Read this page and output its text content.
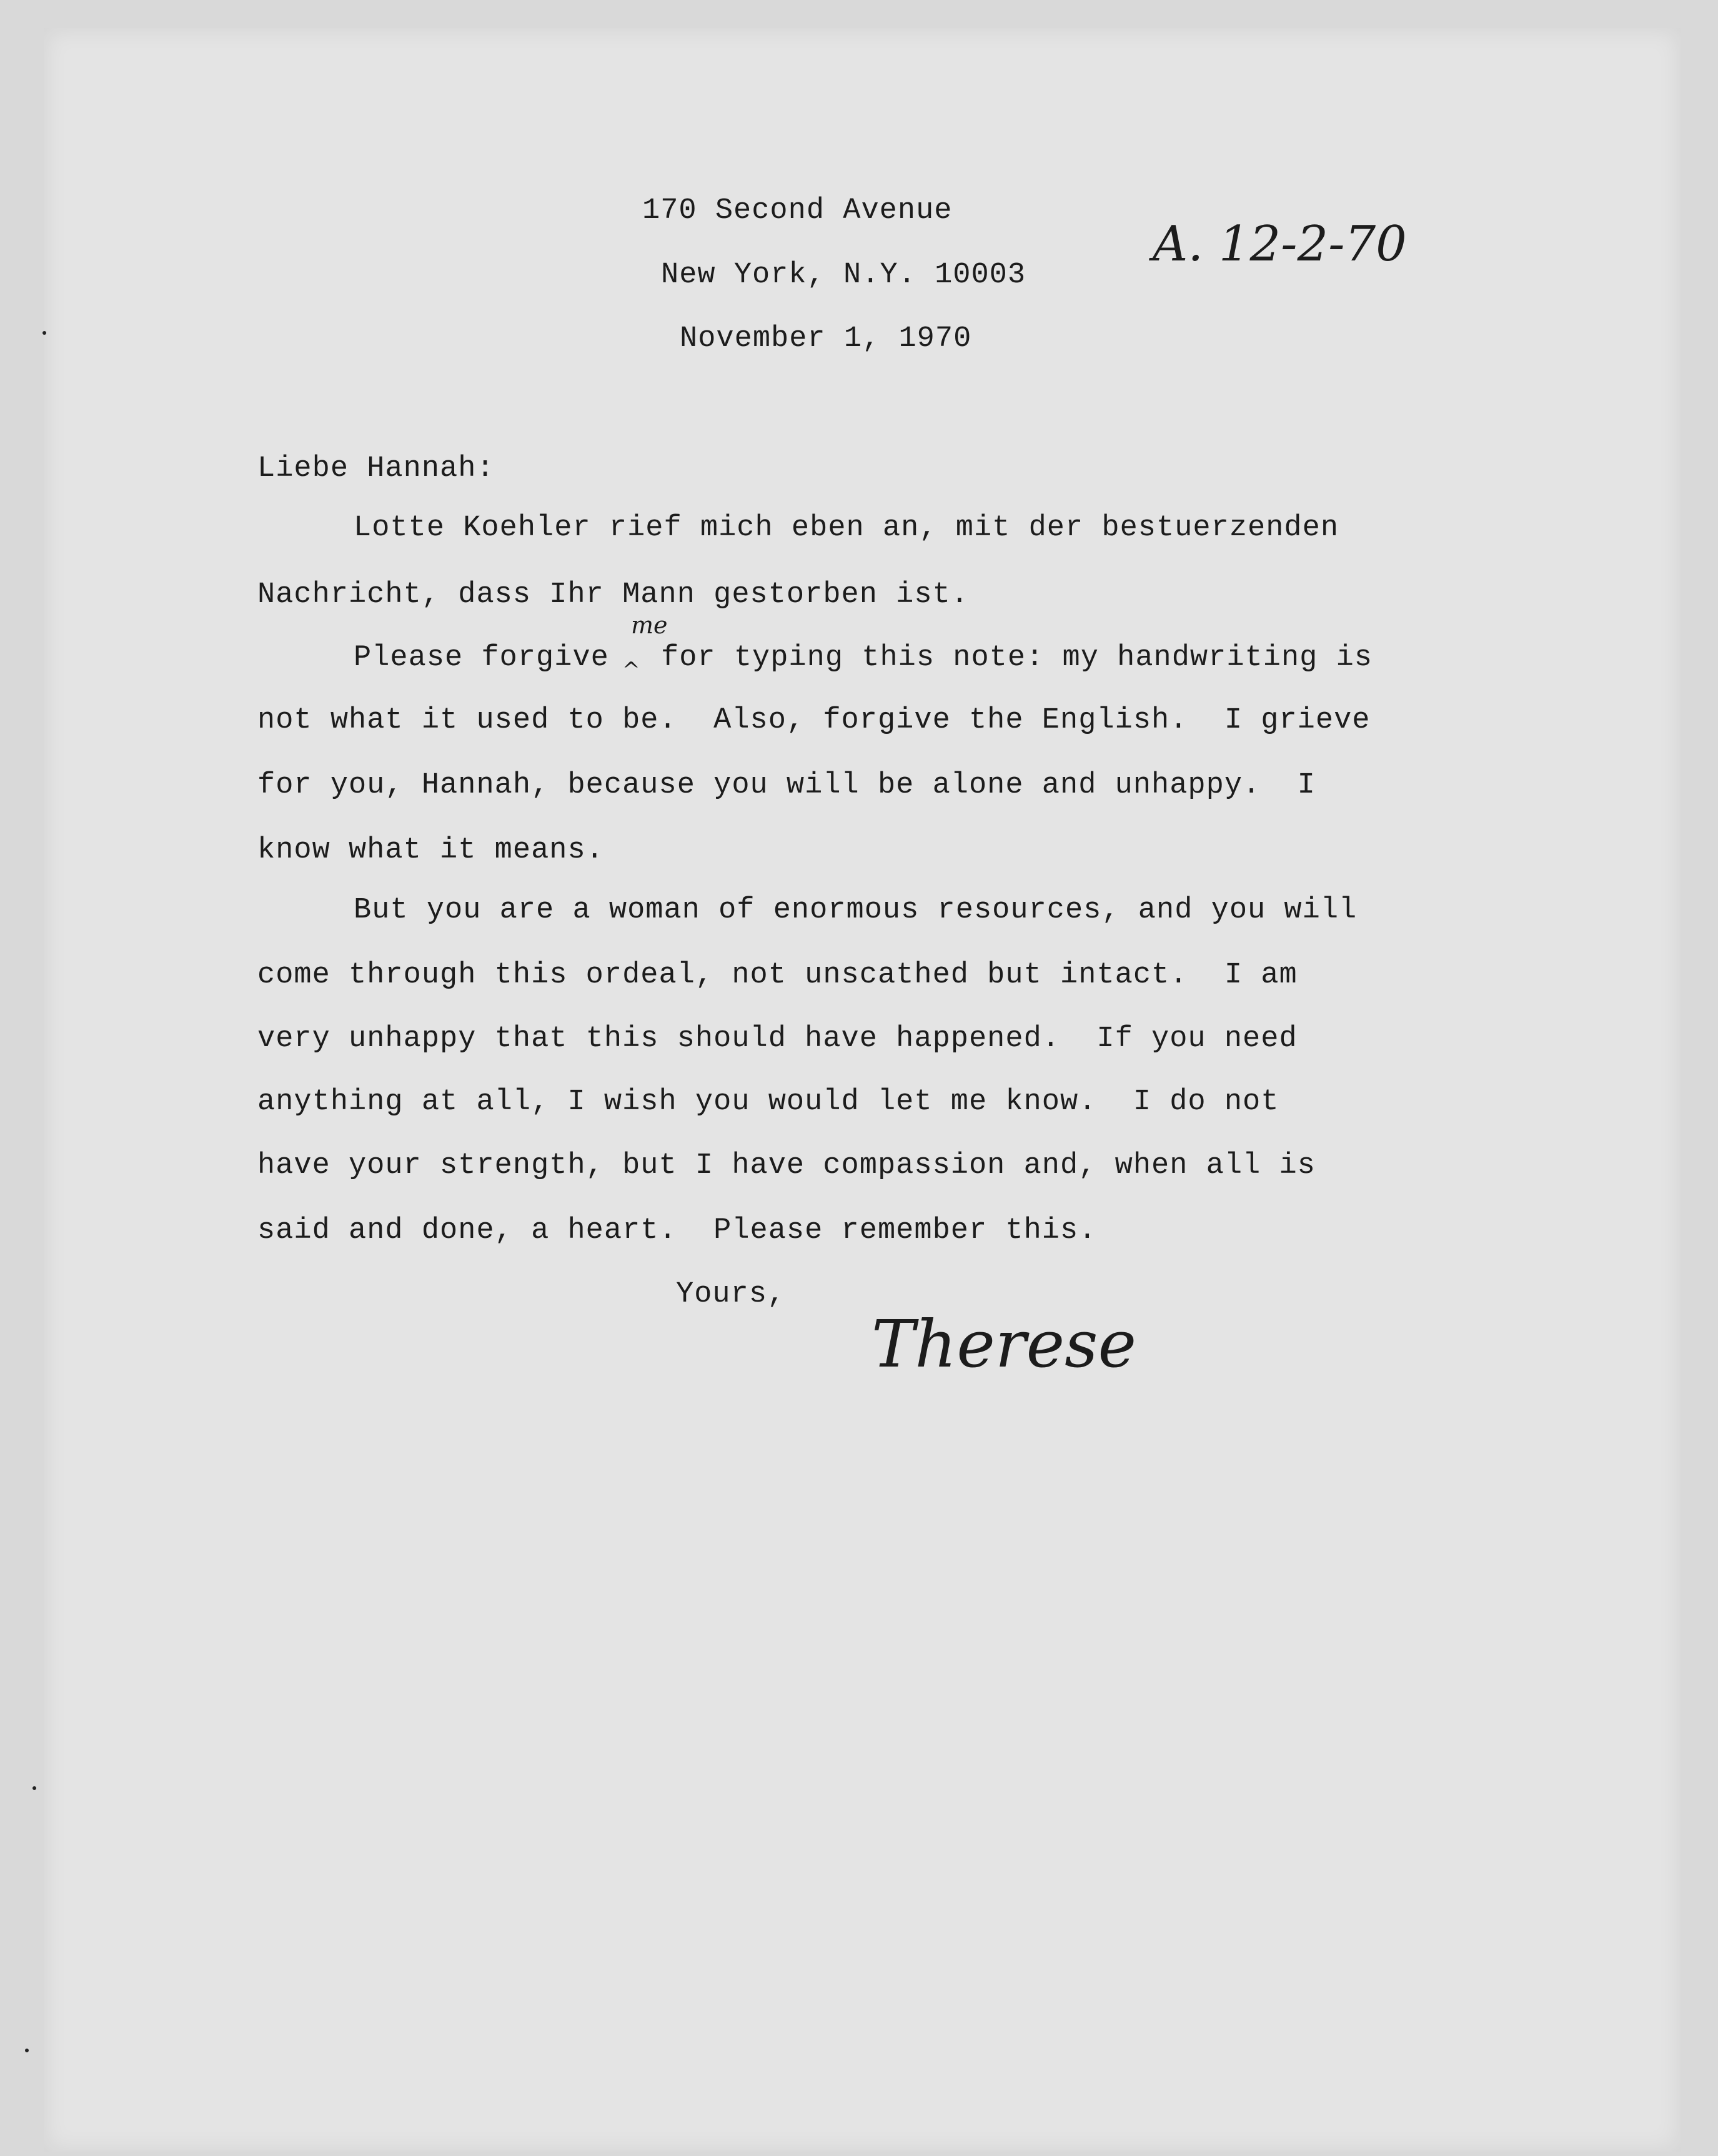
170 Second Avenue
New York, N.Y. 10003
November 1, 1970
A. 12-2-70
Liebe Hannah:
Lotte Koehler rief mich eben an, mit der bestuerzenden
Nachricht, dass Ihr Mann gestorben ist.
Please forgive
me
^ for typing this note: my handwriting is
not what it used to be.  Also, forgive the English.  I grieve
for you, Hannah, because you will be alone and unhappy.  I
know what it means.
But you are a woman of enormous resources, and you will
come through this ordeal, not unscathed but intact.  I am
very unhappy that this should have happened.  If you need
anything at all, I wish you would let me know.  I do not
have your strength, but I have compassion and, when all is
said and done, a heart.  Please remember this.
Yours,
Therese
